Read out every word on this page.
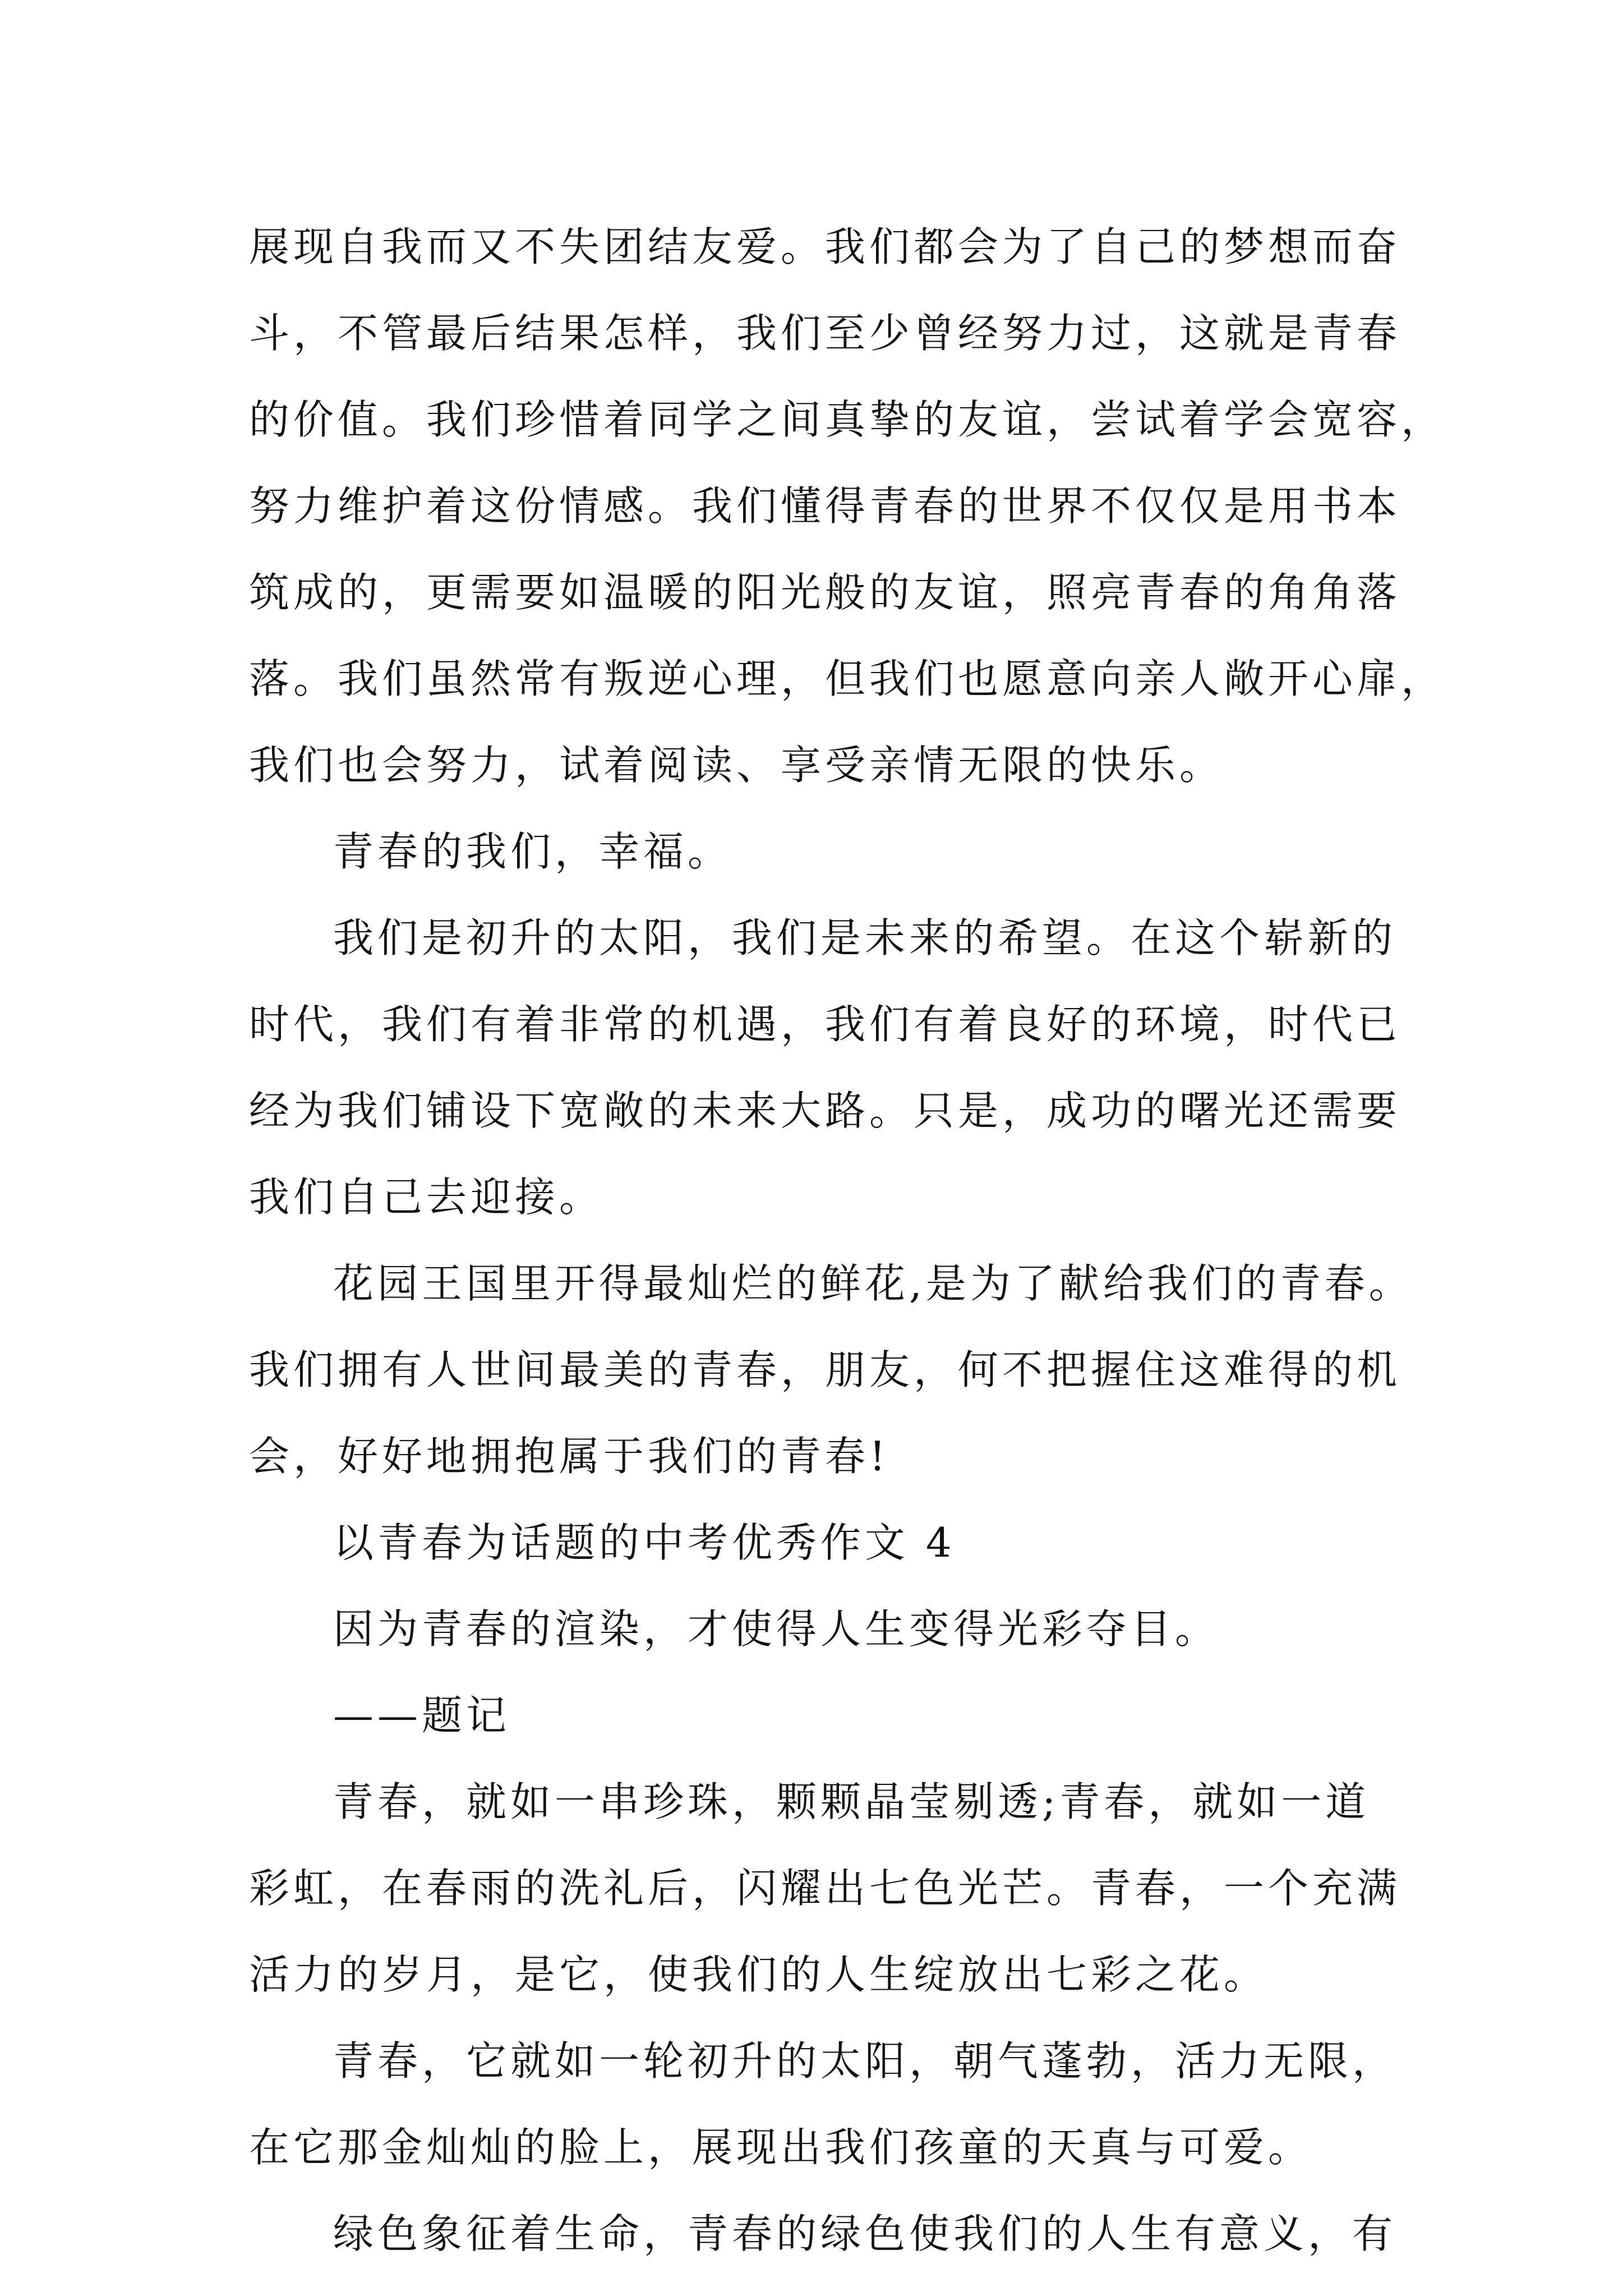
展现自我而又不失团结友爱。我们都会为了自己的梦想而奋
斗，不管最后结果怎样，我们至少曾经努力过，这就是青春
的价值。我们珍惜着同学之间真挚的友谊，尝试着学会宽容，
努力维护着这份情感。我们懂得青春的世界不仅仅是用书本
筑成的，更需要如温暖的阳光般的友谊，照亮青春的角角落
落。我们虽然常有叛逆心理，但我们也愿意向亲人敞开心扉，
我们也会努力，试着阅读、享受亲情无限的快乐。
青春的我们，幸福。
我们是初升的太阳，我们是未来的希望。在这个崭新的
时代，我们有着非常的机遇，我们有着良好的环境，时代已
经为我们铺设下宽敞的未来大路。只是，成功的曙光还需要
我们自己去迎接。
花园王国里开得最灿烂的鲜花,是为了献给我们的青春。
我们拥有人世间最美的青春，朋友，何不把握住这难得的机
会，好好地拥抱属于我们的青春!
以青春为话题的中考优秀作文 4
因为青春的渲染，才使得人生变得光彩夺目。
——题记
青春，就如一串珍珠，颗颗晶莹剔透;青春，就如一道
彩虹，在春雨的洗礼后，闪耀出七色光芒。青春，一个充满
活力的岁月，是它，使我们的人生绽放出七彩之花。
青春，它就如一轮初升的太阳，朝气蓬勃，活力无限，
在它那金灿灿的脸上，展现出我们孩童的天真与可爱。
绿色象征着生命，青春的绿色使我们的人生有意义，有
